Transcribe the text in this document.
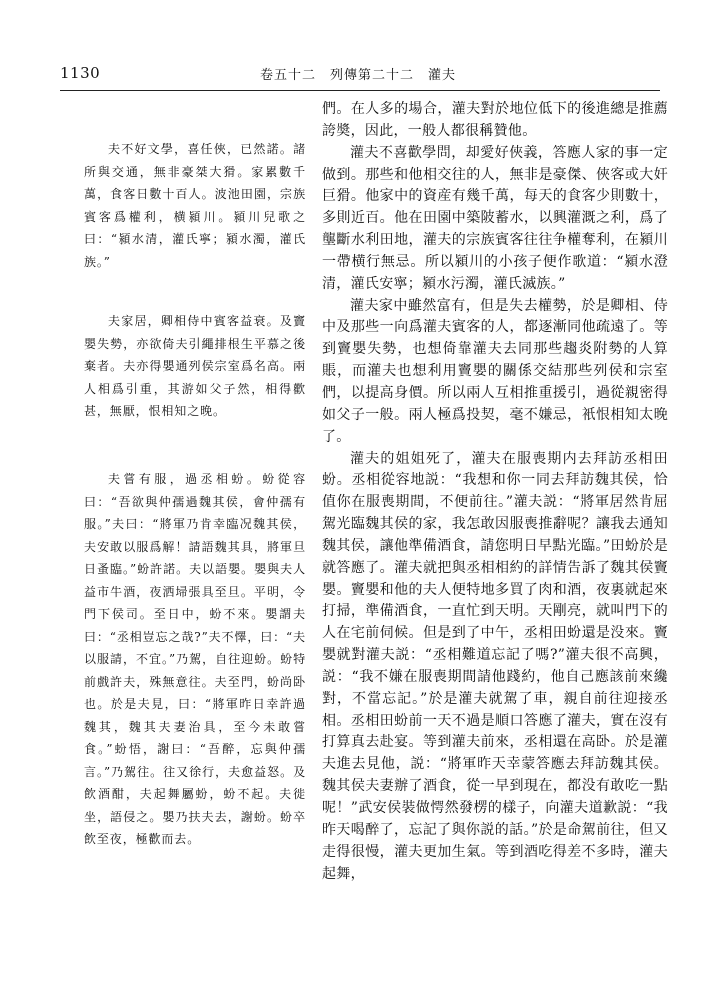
1130	卷五十二　列傳第二十二　灌夫

夫不好文學，喜任俠，已然諾。諸所與交通，無非豪桀大猾。家累數千萬，食客日數十百人。波池田園，宗族賓客爲權利，横潁川。潁川兒歌之曰：“潁水清，灌氏寧；潁水濁，灌氏族。”

夫家居，卿相侍中賓客益衰。及竇嬰失勢，亦欲倚夫引繩排根生平慕之後棄者。夫亦得嬰通列侯宗室爲名高。兩人相爲引重，其游如父子然，相得歡甚，無厭，恨相知之晚。

夫嘗有服，過丞相蚡。蚡從容曰：“吾欲與仲孺過魏其侯，會仲孺有服。”夫曰：“將軍乃肯幸臨况魏其侯，夫安敢以服爲解！請語魏其具，將軍旦日蚤臨。”蚡許諾。夫以語嬰。嬰與夫人益市牛酒，夜洒埽張具至旦。平明，令門下侯司。至日中，蚡不來。嬰謂夫曰：“丞相豈忘之哉?”夫不懌，曰：“夫以服請，不宜。”乃駕，自往迎蚡。蚡特前戲許夫，殊無意往。夫至門，蚡尚卧也。於是夫見，曰：“將軍昨日幸許過魏其，魏其夫妻治具，至今未敢嘗食。”蚡悟，謝曰：“吾醉，忘與仲孺言。”乃駕往。往又徐行，夫愈益怒。及飲酒酣，夫起舞屬蚡，蚡不起。夫徙坐，語侵之。嬰乃扶夫去，謝蚡。蚡卒飲至夜，極歡而去。

們。在人多的場合，灌夫對於地位低下的後進總是推薦誇奬，因此，一般人都很稱贊他。

灌夫不喜歡學問，却愛好俠義，答應人家的事一定做到。那些和他相交往的人，無非是豪傑、俠客或大奸巨猾。他家中的資産有幾千萬，每天的食客少則數十，多則近百。他在田園中築陂蓄水，以興灌溉之利，爲了壟斷水利田地，灌夫的宗族賓客往往争權奪利，在潁川一帶横行無忌。所以潁川的小孩子便作歌道：“潁水澄清，灌氏安寧；潁水污濁，灌氏滅族。”

灌夫家中雖然富有，但是失去權勢，於是卿相、侍中及那些一向爲灌夫賓客的人，都逐漸同他疏遠了。等到竇嬰失勢，也想倚靠灌夫去同那些趨炎附勢的人算賬，而灌夫也想利用竇嬰的關係交結那些列侯和宗室們，以提高身價。所以兩人互相推重援引，過從親密得如父子一般。兩人極爲投契，毫不嫌忌，衹恨相知太晚了。

灌夫的姐姐死了，灌夫在服喪期内去拜訪丞相田蚡。丞相從容地説：“我想和你一同去拜訪魏其侯，恰值你在服喪期間，不便前往。”灌夫説：“將軍居然肯屈駕光臨魏其侯的家，我怎敢因服喪推辭呢？讓我去通知魏其侯，讓他準備酒食，請您明日早點光臨。”田蚡於是就答應了。灌夫就把與丞相相約的詳情告訴了魏其侯竇嬰。竇嬰和他的夫人便特地多買了肉和酒，夜裏就起來打掃，準備酒食，一直忙到天明。天剛亮，就叫門下的人在宅前伺候。但是到了中午，丞相田蚡還是没來。竇嬰就對灌夫説：“丞相難道忘記了嗎?”灌夫很不高興，説：“我不嫌在服喪期間請他踐約，他自己應該前來纔對，不當忘記。”於是灌夫就駕了車，親自前往迎接丞相。丞相田蚡前一天不過是順口答應了灌夫，實在沒有打算真去赴宴。等到灌夫前來，丞相還在高卧。於是灌夫進去見他，説：“將軍昨天幸蒙答應去拜訪魏其侯。魏其侯夫妻辦了酒食，從一早到現在，都没有敢吃一點呢！”武安侯裝做愕然發楞的樣子，向灌夫道歉説：“我昨天喝醉了，忘記了與你説的話。”於是命駕前往，但又走得很慢，灌夫更加生氣。等到酒吃得差不多時，灌夫起舞，
